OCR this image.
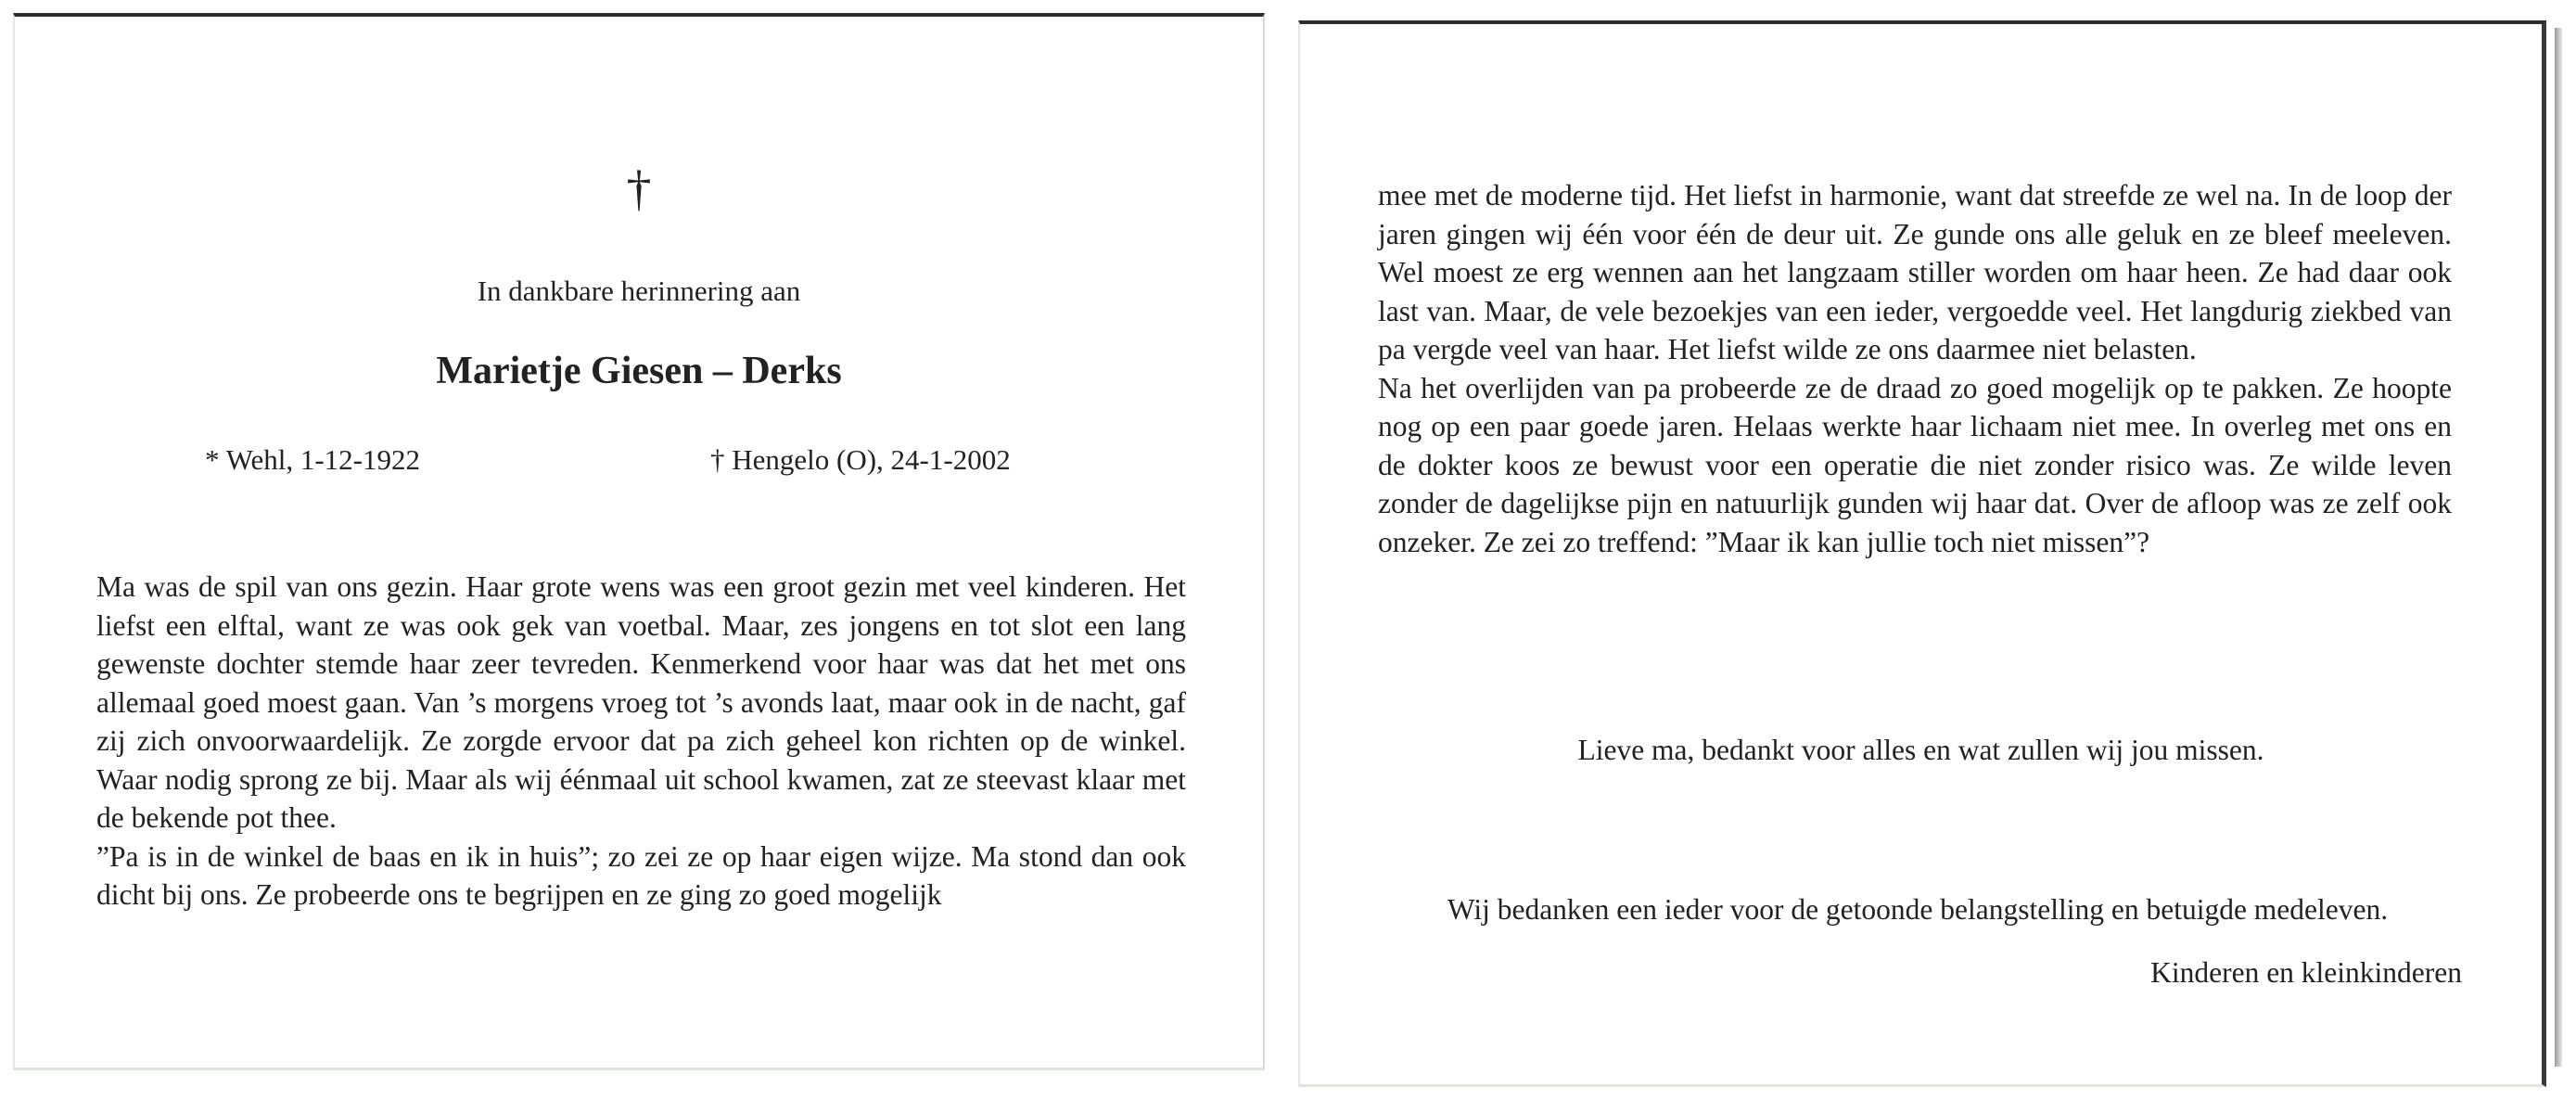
†
In dankbare herinnering aan
Marietje Giesen – Derks
* Wehl, 1-12-1922	† Hengelo (O), 24-1-2002
Ma was de spil van ons gezin. Haar grote wens was een groot gezin met veel kinderen. Het liefst een elftal, want ze was ook gek van voetbal. Maar, zes jongens en tot slot een lang gewenste dochter stemde haar zeer tevreden. Kenmerkend voor haar was dat het met ons allemaal goed moest gaan. Van ’s morgens vroeg tot ’s avonds laat, maar ook in de nacht, gaf zij zich onvoorwaardelijk. Ze zorgde ervoor dat pa zich geheel kon richten op de winkel. Waar nodig sprong ze bij. Maar als wij éénmaal uit school kwamen, zat ze steevast klaar met de bekende pot thee.
”Pa is in de winkel de baas en ik in huis”; zo zei ze op haar eigen wijze. Ma stond dan ook dicht bij ons. Ze probeerde ons te begrijpen en ze ging zo goed mogelijk
mee met de moderne tijd. Het liefst in harmonie, want dat streefde ze wel na. In de loop der jaren gingen wij één voor één de deur uit. Ze gunde ons alle geluk en ze bleef meeleven. Wel moest ze erg wennen aan het langzaam stiller worden om haar heen. Ze had daar ook last van. Maar, de vele bezoekjes van een ieder, vergoedde veel. Het langdurig ziekbed van pa vergde veel van haar. Het liefst wilde ze ons daarmee niet belasten.
Na het overlijden van pa probeerde ze de draad zo goed mogelijk op te pakken. Ze hoopte nog op een paar goede jaren. Helaas werkte haar lichaam niet mee. In overleg met ons en de dokter koos ze bewust voor een operatie die niet zonder risico was. Ze wilde leven zonder de dagelijkse pijn en natuurlijk gunden wij haar dat. Over de afloop was ze zelf ook onzeker. Ze zei zo treffend: ”Maar ik kan jullie toch niet missen”?
Lieve ma, bedankt voor alles en wat zullen wij jou missen.
Wij bedanken een ieder voor de getoonde belangstelling en betuigde medeleven.
Kinderen en kleinkinderen
